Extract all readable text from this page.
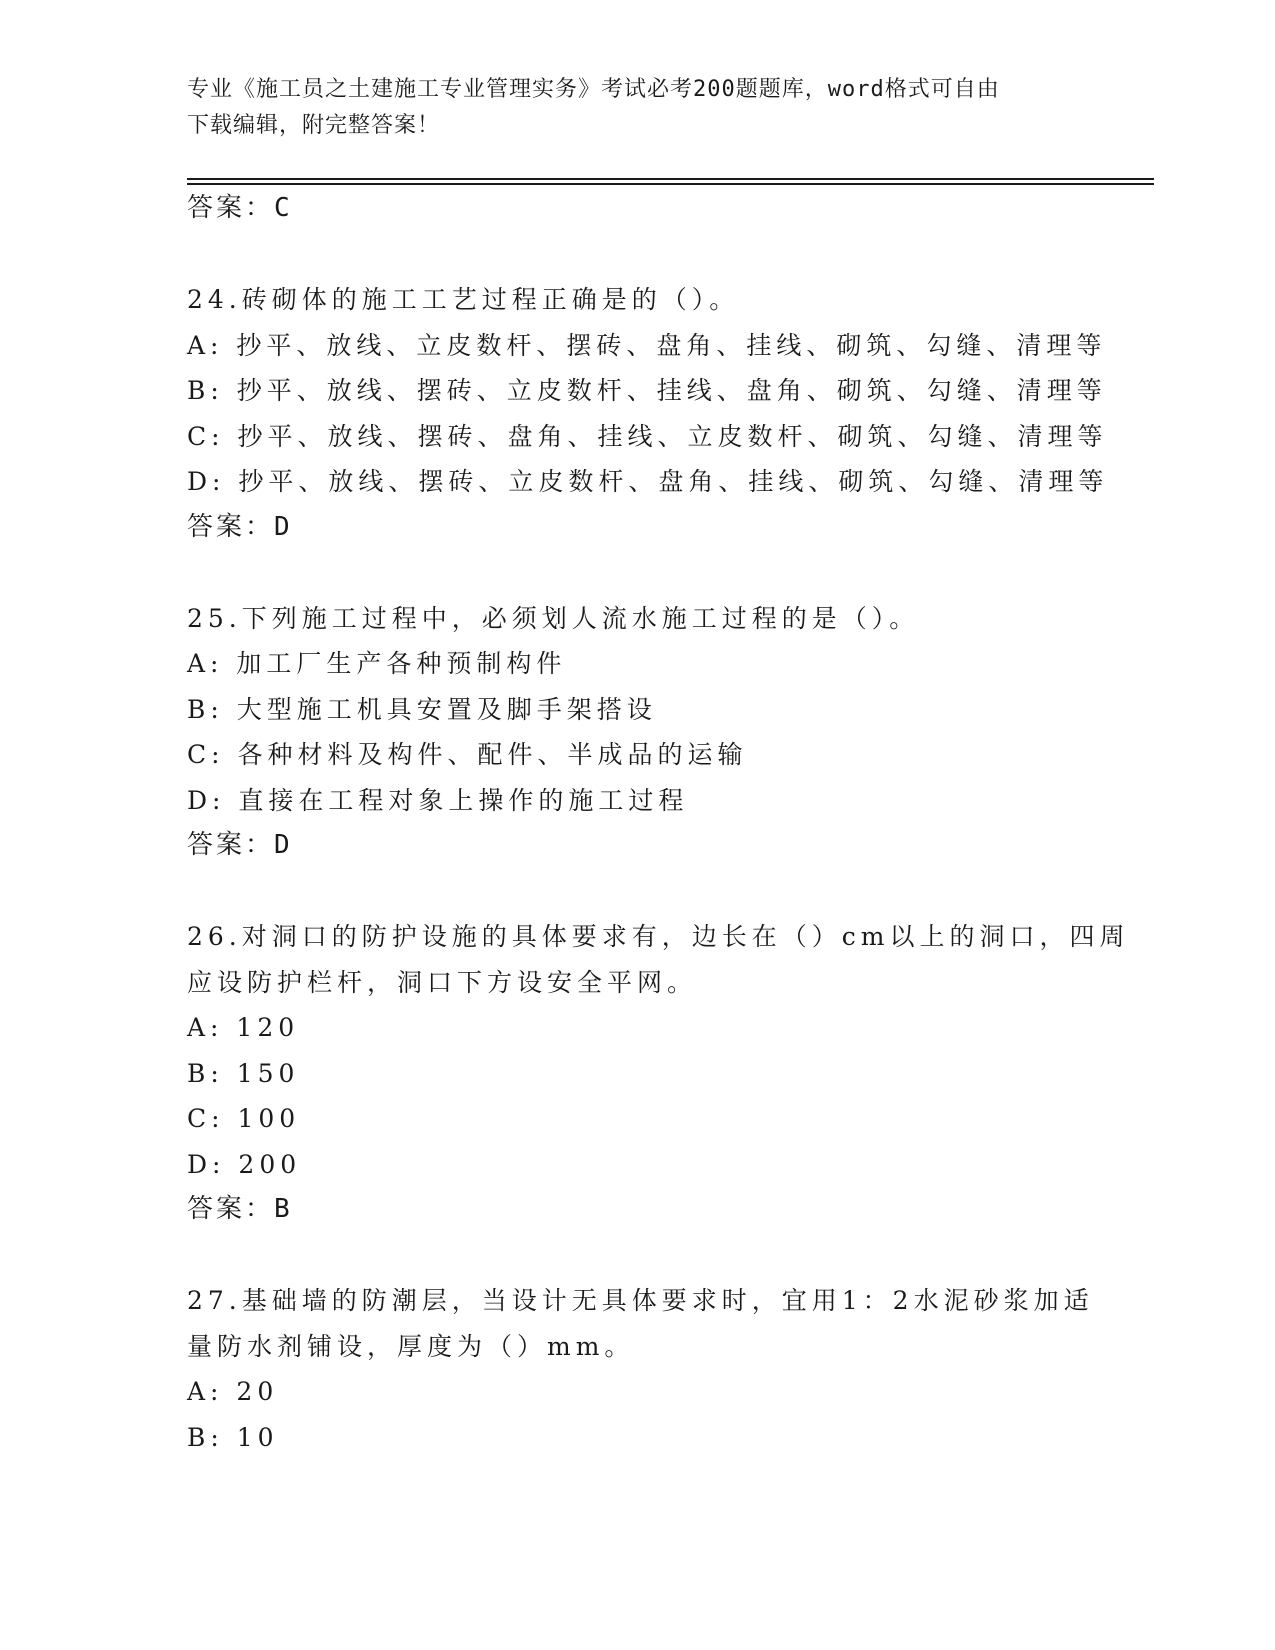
专业《施工员之土建施工专业管理实务》考试必考200题题库，word格式可自由
下载编辑，附完整答案！
答案：C
24.砖砌体的施工工艺过程正确是的（）。
A: 抄平、放线、立皮数杆、摆砖、盘角、挂线、砌筑、勾缝、清理等
B: 抄平、放线、摆砖、立皮数杆、挂线、盘角、砌筑、勾缝、清理等
C: 抄平、放线、摆砖、盘角、挂线、立皮数杆、砌筑、勾缝、清理等
D: 抄平、放线、摆砖、立皮数杆、盘角、挂线、砌筑、勾缝、清理等
答案：D
25.下列施工过程中，必须划人流水施工过程的是（）。
A: 加工厂生产各种预制构件
B: 大型施工机具安置及脚手架搭设
C: 各种材料及构件、配件、半成品的运输
D: 直接在工程对象上操作的施工过程
答案：D
26.对洞口的防护设施的具体要求有，边长在（）cm以上的洞口，四周
应设防护栏杆，洞口下方设安全平网。
A: 120
B: 150
C: 100
D: 200
答案：B
27.基础墙的防潮层，当设计无具体要求时，宜用1：2水泥砂浆加适
量防水剂铺设，厚度为（）mm。
A: 20
B: 10
